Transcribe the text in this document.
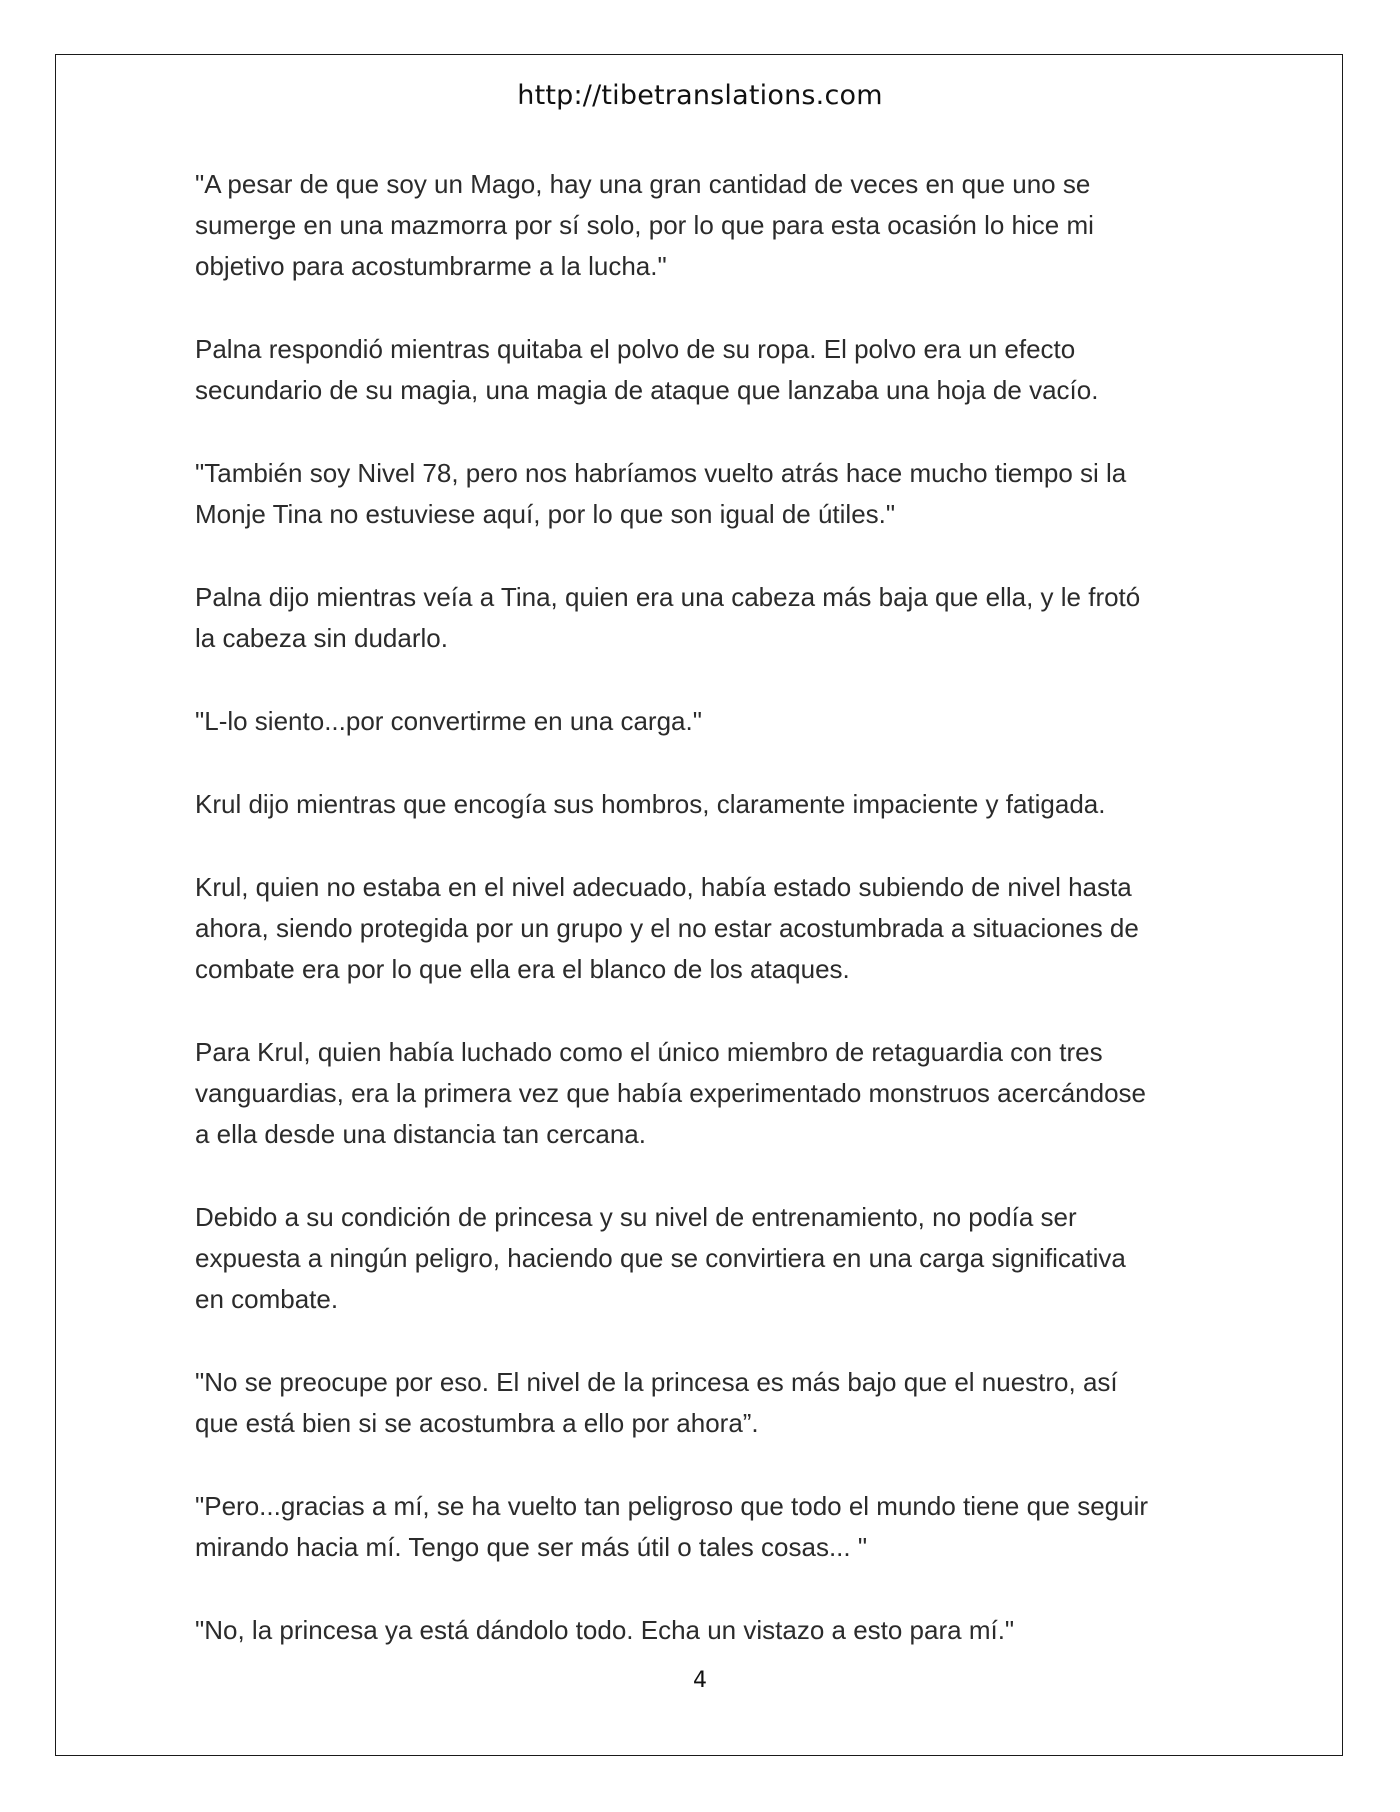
http://tibetranslations.com

"A pesar de que soy un Mago, hay una gran cantidad de veces en que uno se
sumerge en una mazmorra por sí solo, por lo que para esta ocasión lo hice mi
objetivo para acostumbrarme a la lucha."

Palna respondió mientras quitaba el polvo de su ropa. El polvo era un efecto
secundario de su magia, una magia de ataque que lanzaba una hoja de vacío.

"También soy Nivel 78, pero nos habríamos vuelto atrás hace mucho tiempo si la
Monje Tina no estuviese aquí, por lo que son igual de útiles."

Palna dijo mientras veía a Tina, quien era una cabeza más baja que ella, y le frotó
la cabeza sin dudarlo.

"L-lo siento...por convertirme en una carga."

Krul dijo mientras que encogía sus hombros, claramente impaciente y fatigada.

Krul, quien no estaba en el nivel adecuado, había estado subiendo de nivel hasta
ahora, siendo protegida por un grupo y el no estar acostumbrada a situaciones de
combate era por lo que ella era el blanco de los ataques.

Para Krul, quien había luchado como el único miembro de retaguardia con tres
vanguardias, era la primera vez que había experimentado monstruos acercándose
a ella desde una distancia tan cercana.

Debido a su condición de princesa y su nivel de entrenamiento, no podía ser
expuesta a ningún peligro, haciendo que se convirtiera en una carga significativa
en combate.

"No se preocupe por eso. El nivel de la princesa es más bajo que el nuestro, así
que está bien si se acostumbra a ello por ahora”.

"Pero...gracias a mí, se ha vuelto tan peligroso que todo el mundo tiene que seguir
mirando hacia mí. Tengo que ser más útil o tales cosas... "

"No, la princesa ya está dándolo todo. Echa un vistazo a esto para mí."

4
